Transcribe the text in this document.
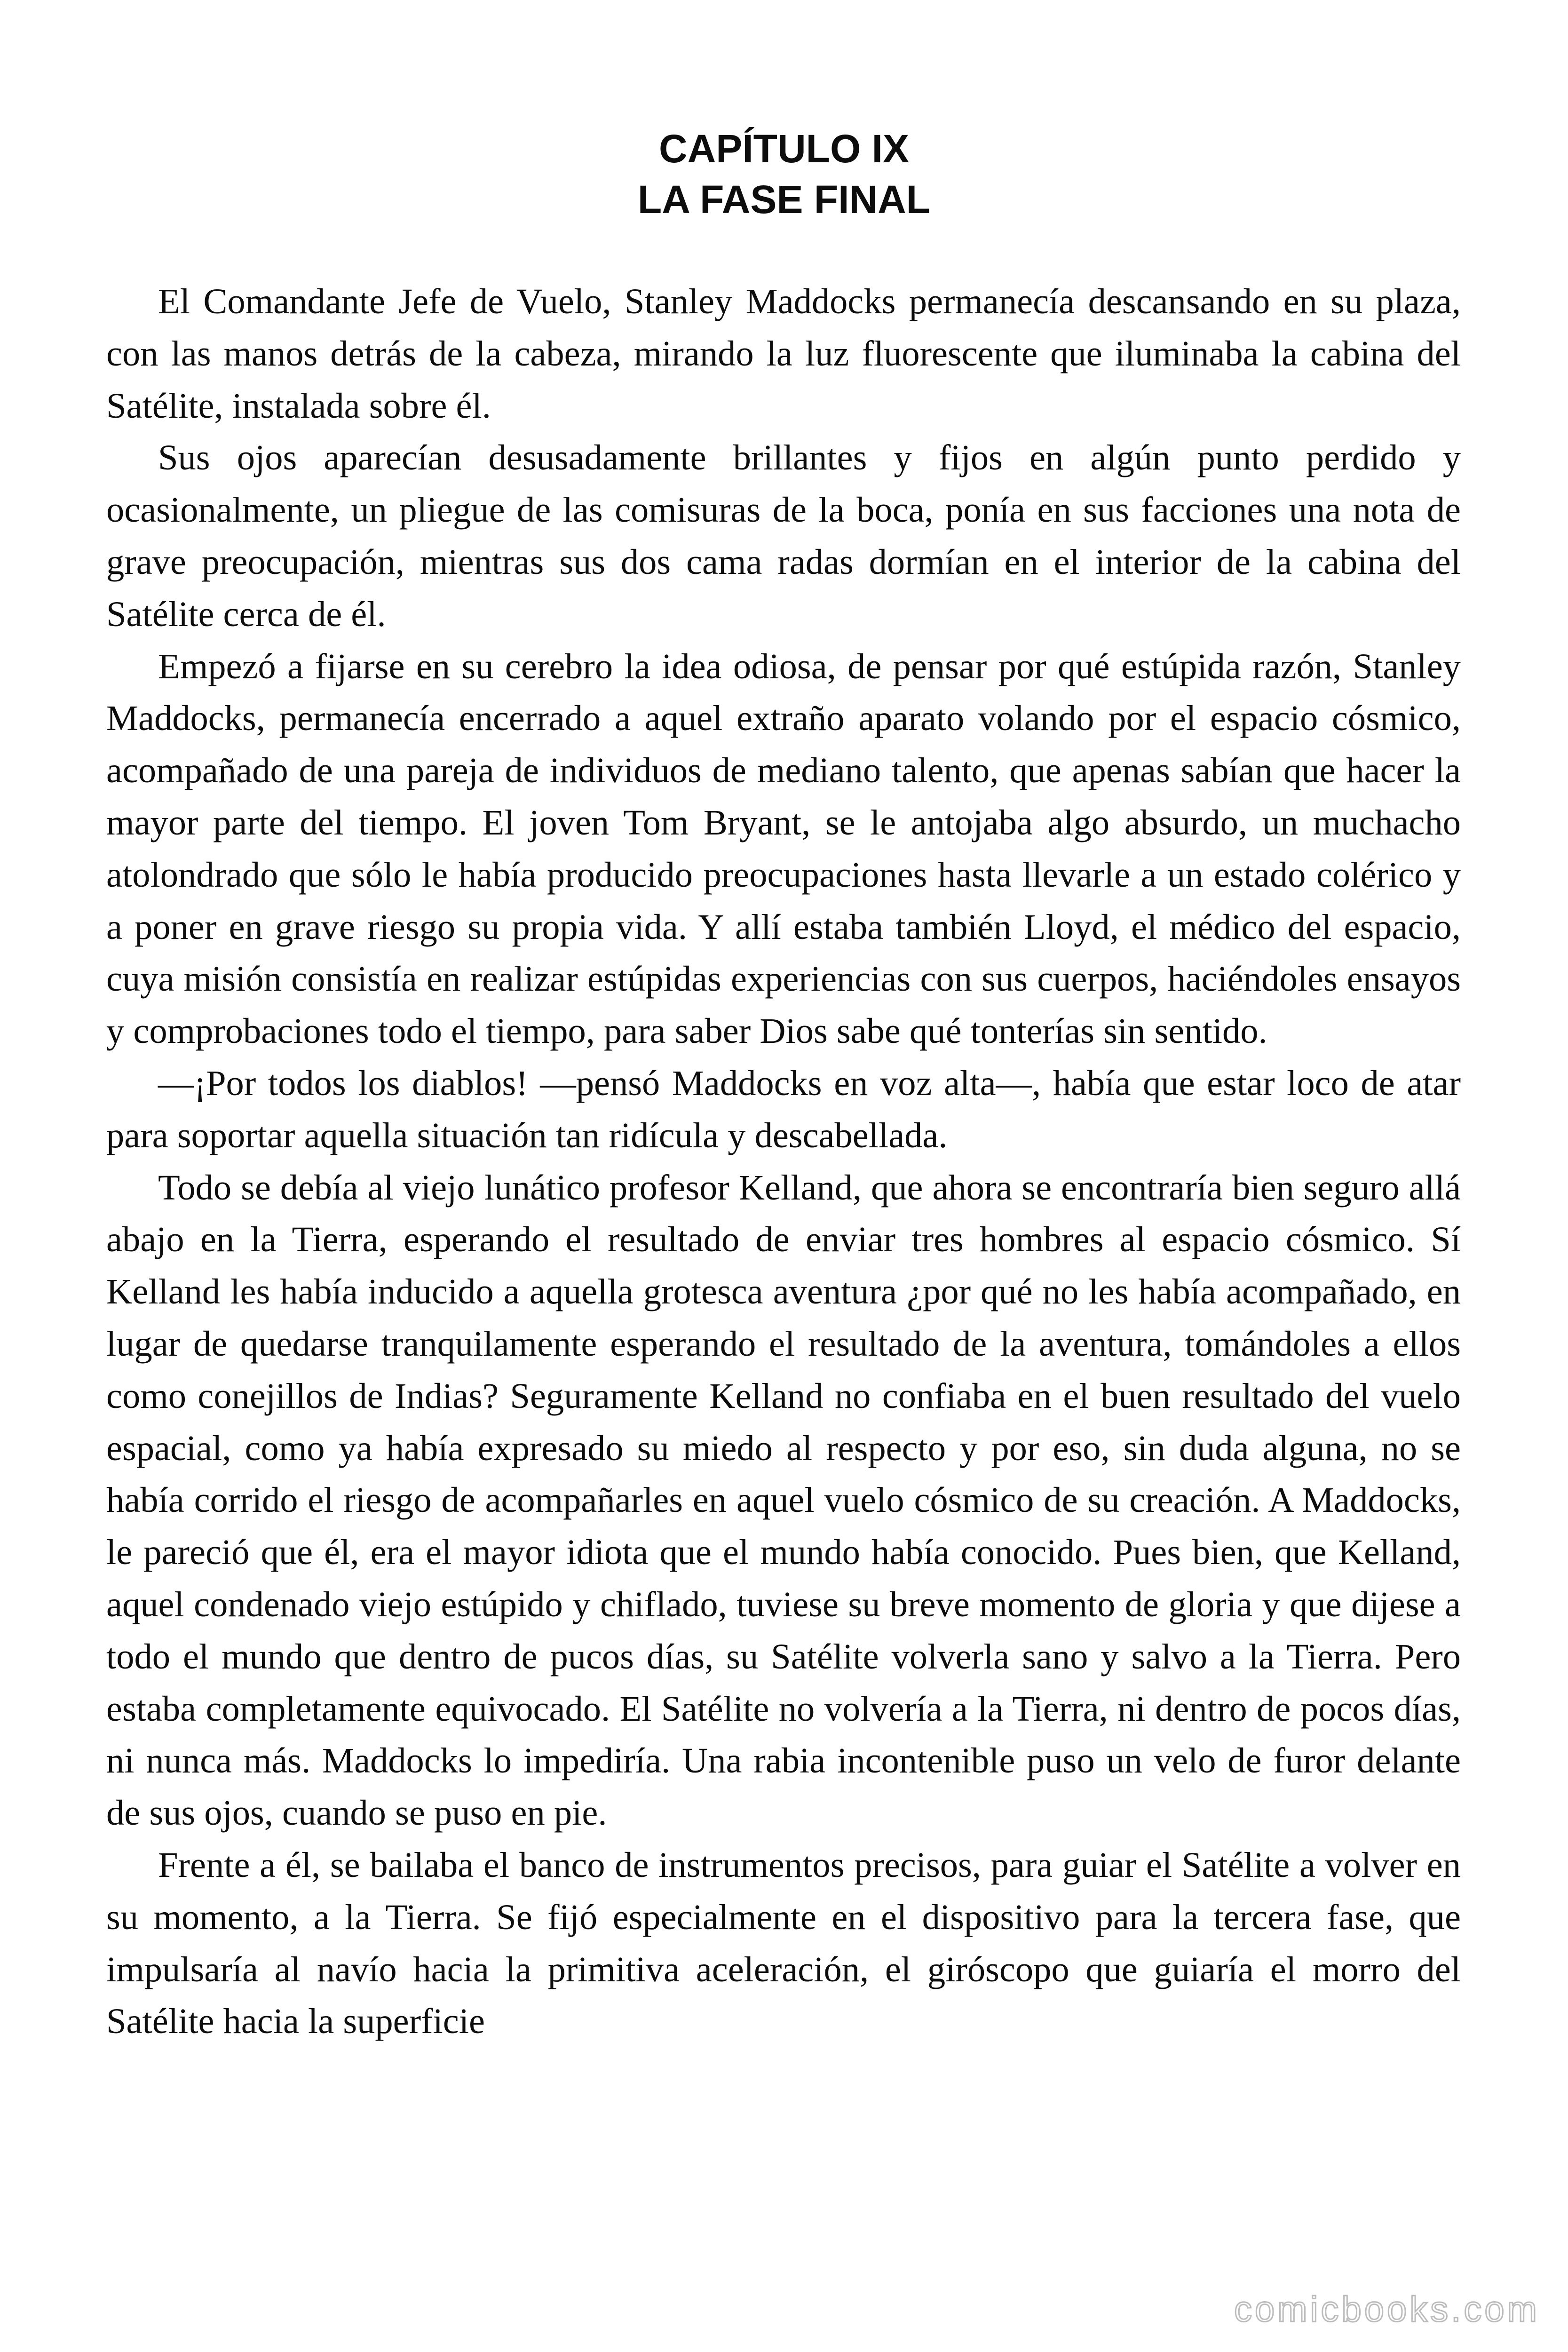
CAPÍTULO IX
LA FASE FINAL

El Comandante Jefe de Vuelo, Stanley Maddocks permanecía descansando en su plaza, con las manos detrás de la cabeza, mirando la luz fluorescente que iluminaba la cabina del Satélite, instalada sobre él.

Sus ojos aparecían desusadamente brillantes y fijos en algún punto perdido y ocasionalmente, un pliegue de las comisuras de la boca, ponía en sus facciones una nota de grave preocupación, mientras sus dos cama radas dormían en el interior de la cabina del Satélite cerca de él.

Empezó a fijarse en su cerebro la idea odiosa, de pensar por qué estúpida razón, Stanley Maddocks, permanecía encerrado a aquel extraño aparato volando por el espacio cósmico, acompañado de una pareja de individuos de mediano talento, que apenas sabían que hacer la mayor parte del tiempo. El joven Tom Bryant, se le antojaba algo absurdo, un muchacho atolondrado que sólo le había producido preocupaciones hasta llevarle a un estado colérico y a poner en grave riesgo su propia vida. Y allí estaba también Lloyd, el médico del espacio, cuya misión consistía en realizar estúpidas experiencias con sus cuerpos, haciéndoles ensayos y comprobaciones todo el tiempo, para saber Dios sabe qué tonterías sin sentido.

—¡Por todos los diablos! —pensó Maddocks en voz alta—, había que estar loco de atar para soportar aquella situación tan ridícula y descabellada.

Todo se debía al viejo lunático profesor Kelland, que ahora se encontraría bien seguro allá abajo en la Tierra, esperando el resultado de enviar tres hombres al espacio cósmico. Sí Kelland les había inducido a aquella grotesca aventura ¿por qué no les había acompañado, en lugar de quedarse tranquilamente esperando el resultado de la aventura, tomándoles a ellos como conejillos de Indias? Seguramente Kelland no confiaba en el buen resultado del vuelo espacial, como ya había expresado su miedo al respecto y por eso, sin duda alguna, no se había corrido el riesgo de acompañarles en aquel vuelo cósmico de su creación. A Maddocks, le pareció que él, era el mayor idiota que el mundo había conocido. Pues bien, que Kelland, aquel condenado viejo estúpido y chiflado, tuviese su breve momento de gloria y que dijese a todo el mundo que dentro de pucos días, su Satélite volverla sano y salvo a la Tierra. Pero estaba completamente equivocado. El Satélite no volvería a la Tierra, ni dentro de pocos días, ni nunca más. Maddocks lo impediría. Una rabia incontenible puso un velo de furor delante de sus ojos, cuando se puso en pie.

Frente a él, se bailaba el banco de instrumentos precisos, para guiar el Satélite a volver en su momento, a la Tierra. Se fijó especialmente en el dispositivo para la tercera fase, que impulsaría al navío hacia la primitiva aceleración, el giróscopo que guiaría el morro del Satélite hacia la superficie

comicbooks.com
